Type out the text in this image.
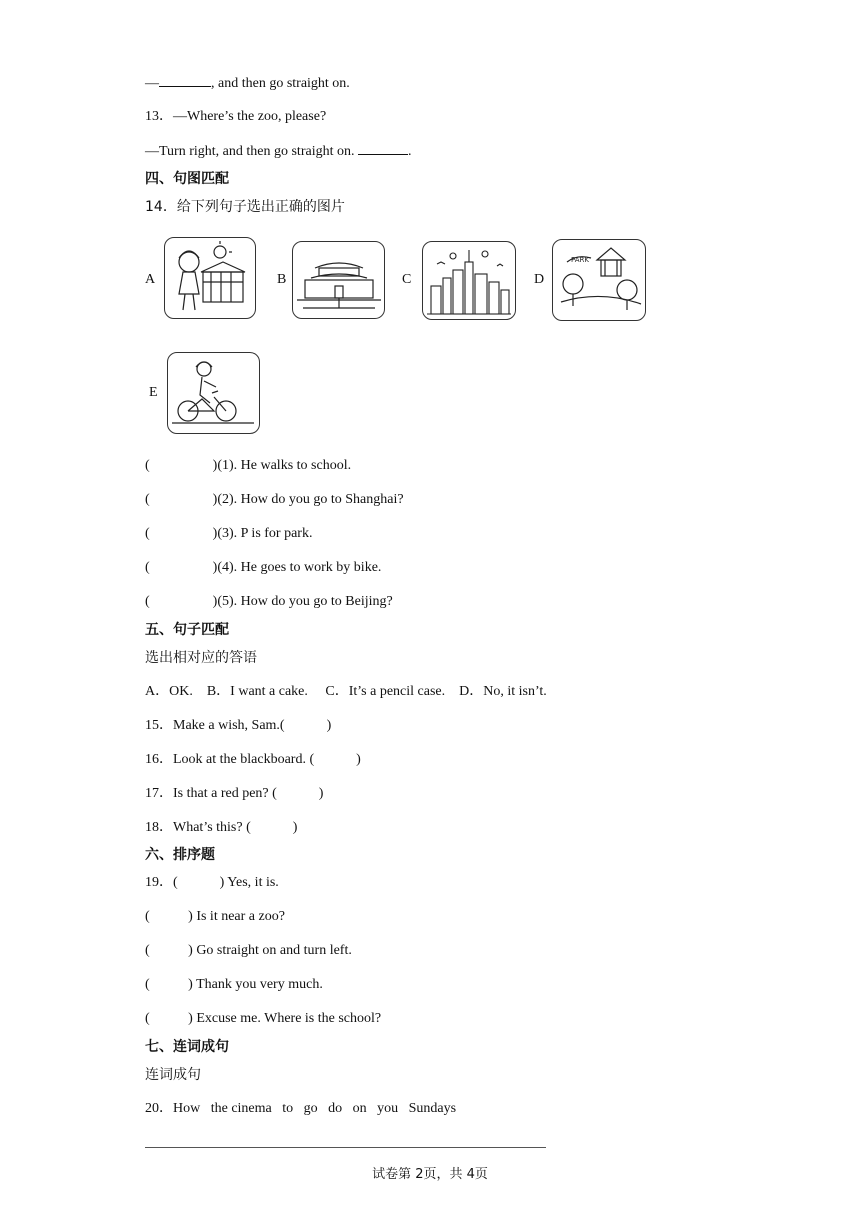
—	, and then go straight on.
13．—Where’s the zoo, please?
—Turn right, and then go straight on.	.
四、句图匹配
14．给下列句子选出正确的图片
A	B	C	D
PARK
E
(	)(1). He walks to school.
(	)(2). How do you go to Shanghai?
(	)(3). P is for park.
(	)(4). He goes to work by bike.
(	)(5). How do you go to Beijing?
五、句子匹配
选出相对应的答语
A．OK.    B．I want a cake.     C．It’s a pencil case.    D．No, it isn’t.
15．Make a wish, Sam.(            )
16．Look at the blackboard. (            )
17．Is that a red pen? (            )
18．What’s this? (            )
六、排序题
19．(            ) Yes, it is.
(           ) Is it near a zoo?
(           ) Go straight on and turn left.
(           ) Thank you very much.
(           ) Excuse me. Where is the school?
七、连词成句
连词成句
20．How   the cinema   to   go   do   on   you   Sundays
试卷第 2页，共 4页
